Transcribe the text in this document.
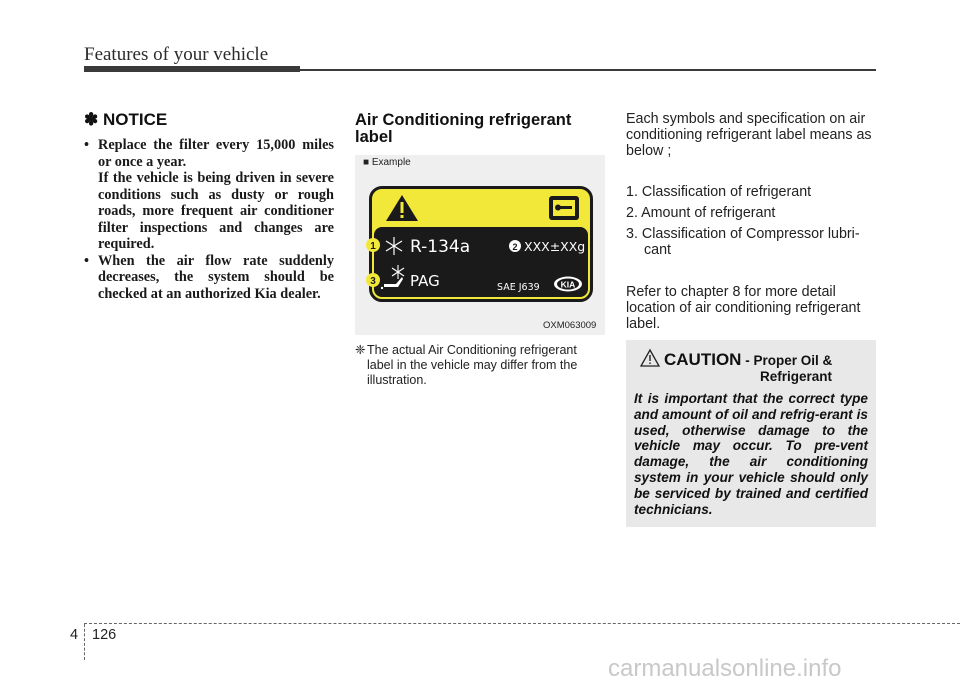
Features of your vehicle
✽ NOTICE
• Replace the filter every 15,000 miles or once a year.
If the vehicle is being driven in severe conditions such as dusty or rough roads, more frequent air conditioner filter inspections and changes are required.
• When the air flow rate suddenly decreases, the system should be checked at an authorized Kia dealer.
Air Conditioning refrigerant label
■ Example
1 R-134a	2 XXX±XXg
3 PAG	SAE J639 KIA
OXM063009
❈ The actual Air Conditioning refrigerant label in the vehicle may differ from the illustration.
Each symbols and specification on air conditioning refrigerant label means as below ;
1. Classification of refrigerant
2. Amount of refrigerant
3. Classification of Compressor lubri-
cant
Refer to chapter 8 for more detail location of air conditioning refrigerant label.
CAUTION - Proper Oil &
Refrigerant
It is important that the correct type and amount of oil and refrig-erant is used, otherwise damage to the vehicle may occur. To pre-vent damage, the air conditioning system in your vehicle should only be serviced by trained and certified technicians.
4 126
carmanualsonline.info
